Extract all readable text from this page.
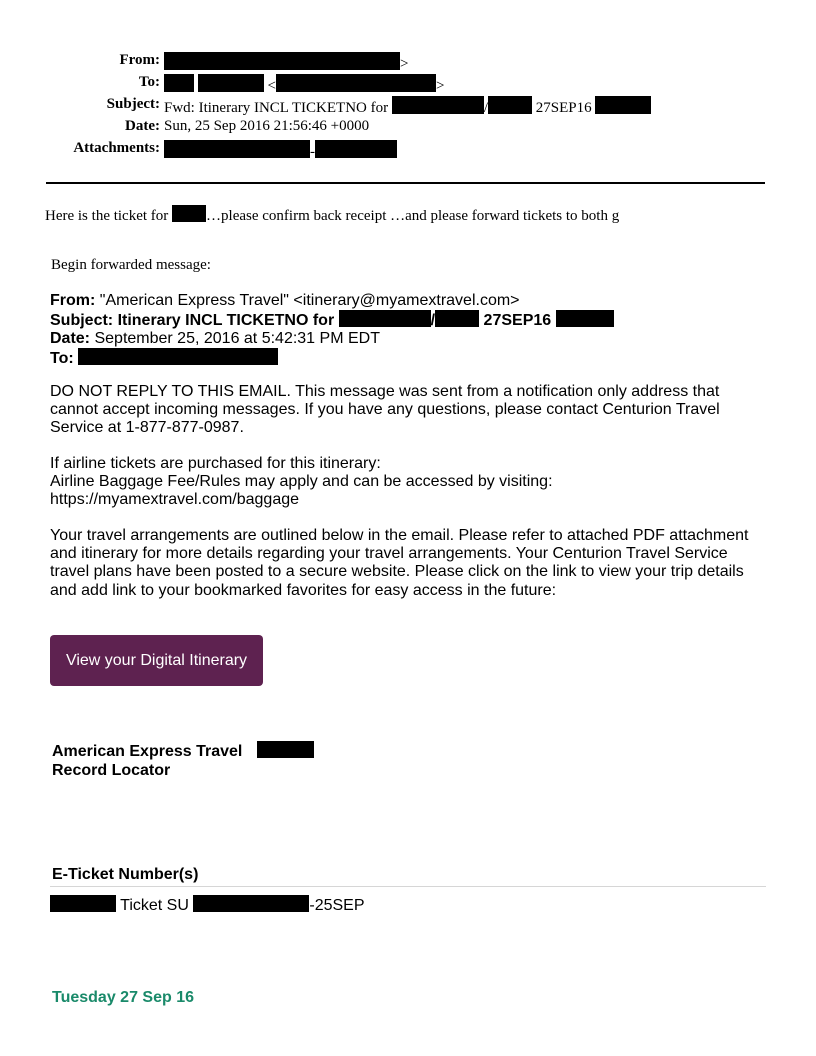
From:	>
To:	<	>
Subject: Fwd: Itinerary INCL TICKETNO for	/	27SEP16
Date: Sun, 25 Sep 2016 21:56:46 +0000
Attachments:	-
Here is the ticket for	…please confirm back receipt …and please forward tickets to both g
Begin forwarded message:
From: "American Express Travel" <itinerary@myamextravel.com>
Subject: Itinerary INCL TICKETNO for	/	27SEP16
Date: September 25, 2016 at 5:42:31 PM EDT
To:
DO NOT REPLY TO THIS EMAIL. This message was sent from a notification only address that cannot accept incoming messages. If you have any questions, please contact Centurion Travel Service at 1-877-877-0987.
If airline tickets are purchased for this itinerary:
Airline Baggage Fee/Rules may apply and can be accessed by visiting:
https://myamextravel.com/baggage
Your travel arrangements are outlined below in the email. Please refer to attached PDF attachment and itinerary for more details regarding your travel arrangements. Your Centurion Travel Service travel plans have been posted to a secure website. Please click on the link to view your trip details and add link to your bookmarked favorites for easy access in the future:
View your Digital Itinerary
American Express Travel
Record Locator
E-Ticket Number(s)
Ticket SU	-25SEP
Tuesday 27 Sep 16
